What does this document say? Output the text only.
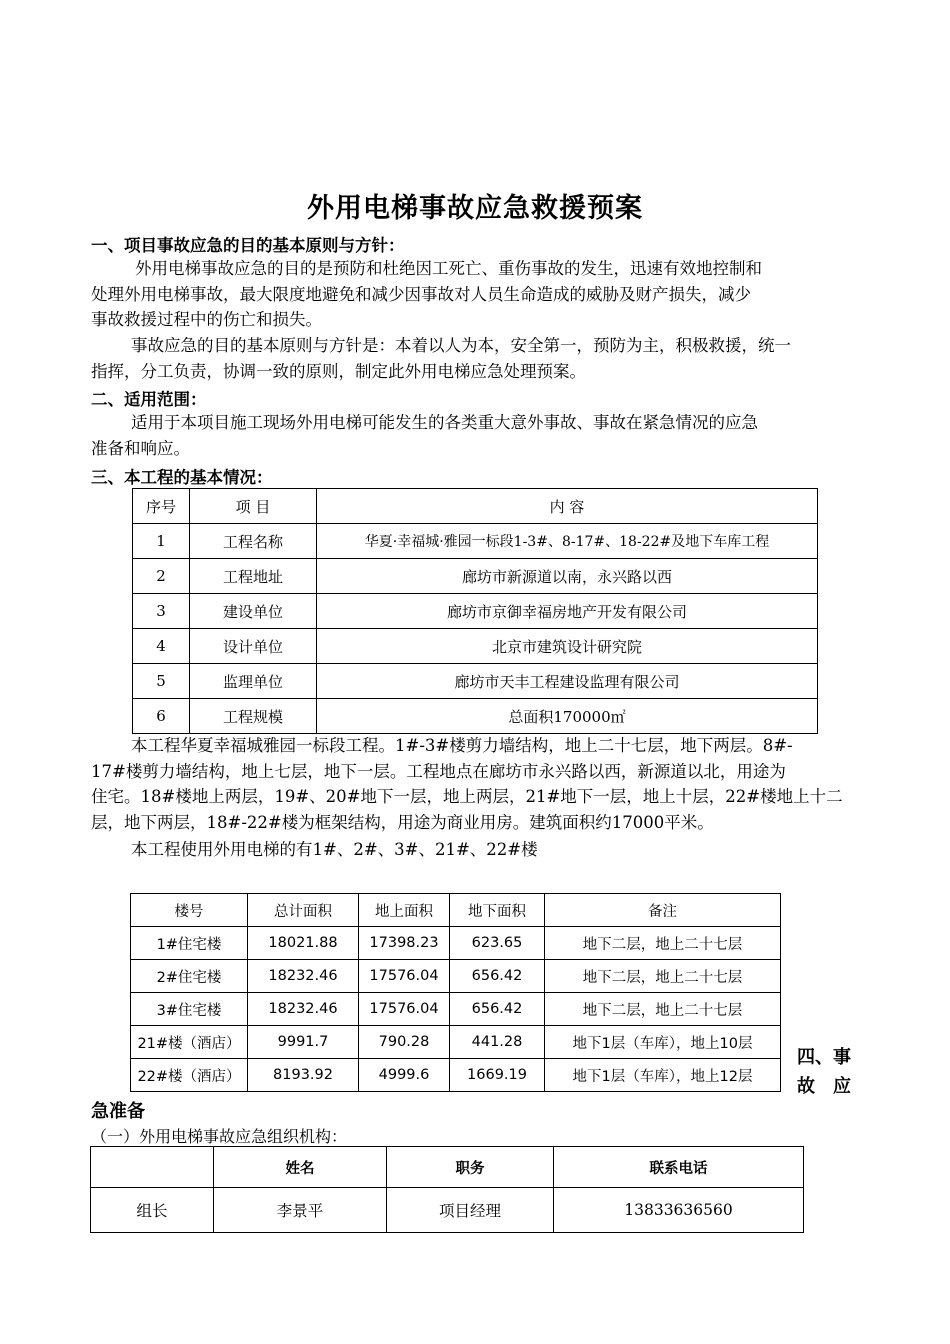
外用电梯事故应急救援预案
一、项目事故应急的目的基本原则与方针：
外用电梯事故应急的目的是预防和杜绝因工死亡、重伤事故的发生，迅速有效地控制和
处理外用电梯事故，最大限度地避免和减少因事故对人员生命造成的威胁及财产损失，减少
事故救援过程中的伤亡和损失。
事故应急的目的基本原则与方针是：本着以人为本，安全第一，预防为主，积极救援，统一
指挥，分工负责，协调一致的原则，制定此外用电梯应急处理预案。
二、适用范围：
适用于本项目施工现场外用电梯可能发生的各类重大意外事故、事故在紧急情况的应急
准备和响应。
三、本工程的基本情况：
序号	项 目	内 容
1	工程名称	华夏·幸福城·雅园一标段1-3#、8-17#、18-22#及地下车库工程
2	工程地址	廊坊市新源道以南，永兴路以西
3	建设单位	廊坊市京御幸福房地产开发有限公司
4	设计单位	北京市建筑设计研究院
5	监理单位	廊坊市天丰工程建设监理有限公司
6	工程规模	总面积170000㎡
本工程华夏幸福城雅园一标段工程。1#-3#楼剪力墙结构，地上二十七层，地下两层。8#-
17#楼剪力墙结构，地上七层，地下一层。工程地点在廊坊市永兴路以西，新源道以北，用途为
住宅。18#楼地上两层，19#、20#地下一层，地上两层，21#地下一层，地上十层，22#楼地上十二
层，地下两层，18#-22#楼为框架结构，用途为商业用房。建筑面积约17000平米。
本工程使用外用电梯的有1#、2#、3#、21#、22#楼
楼号	总计面积	地上面积	地下面积	备注
1#住宅楼	18021.88	17398.23	623.65	地下二层，地上二十七层
2#住宅楼	18232.46	17576.04	656.42	地下二层，地上二十七层
3#住宅楼	18232.46	17576.04	656.42	地下二层，地上二十七层
21#楼（酒店）	9991.7	790.28	441.28	地下1层（车库），地上10层
22#楼（酒店）	8193.92	4999.6	1669.19	地下1层（车库），地上12层
四、事
故　应
急准备
（一）外用电梯事故应急组织机构：
	姓名	职务	联系电话
组长	李景平	项目经理	13833636560
